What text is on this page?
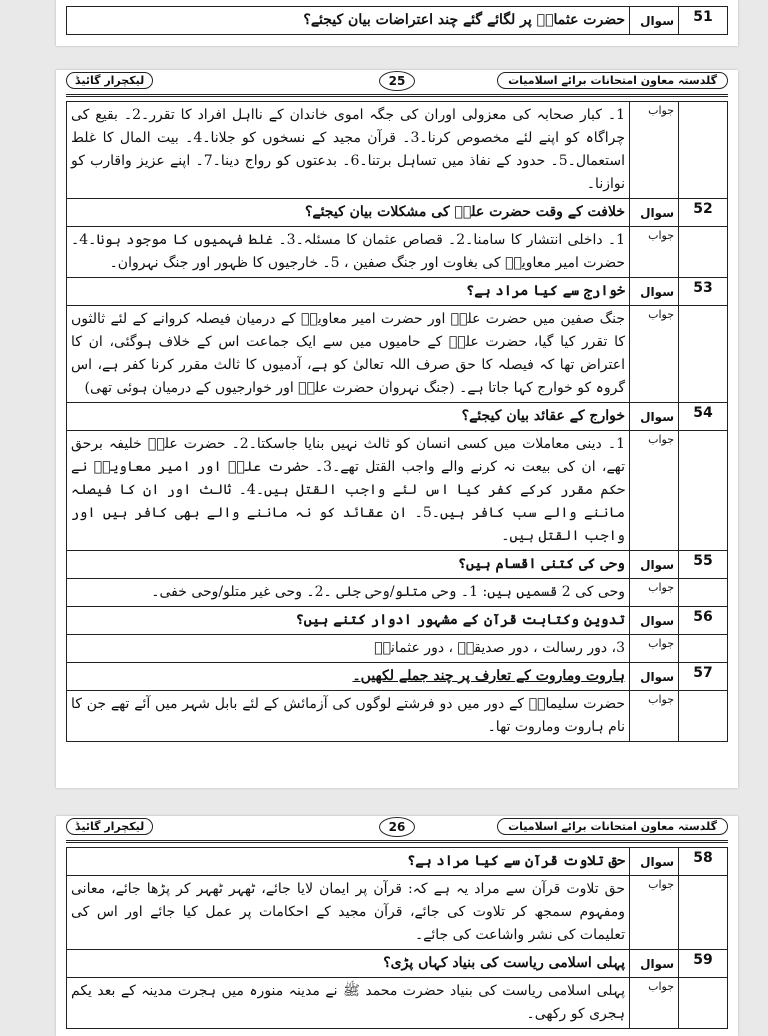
حضرت عثمانؓ پر لگائے گئے چند اعتراضات بیان کیجئے؟	سوال	51
گلدستہ معاون امتحانات برائے اسلامیات
25
لیکچرار گائیڈ
1۔ کبار صحابہ کی معزولی اوران کی جگہ اموی خاندان کے نااہل افراد کا تقرر۔2۔ بقیع کی چراگاہ کو اپنے لئے مخصوص کرنا۔3۔ قرآن مجید کے نسخوں کو جلانا۔4۔ بیت المال کا غلط استعمال۔5۔ حدود کے نفاذ میں تساہل برتنا۔6۔ بدعتوں کو رواج دینا۔7۔ اپنے عزیز واقارب کو نوازنا۔	جواب	
خلافت کے وقت حضرت علیؓ کی مشکلات بیان کیجئے؟	سوال	52
1۔ داخلی انتشار کا سامنا۔2۔ قصاص عثمان کا مسئلہ۔3۔ غلط فہمیوں کا موجود ہونا۔4۔ حضرت امیر معاویہؓ کی بغاوت اور جنگ صفین ، 5۔ خارجیوں کا ظہور اور جنگ نہروان۔	جواب	
خوارج سے کیا مراد ہے؟	سوال	53
جنگ صفین میں حضرت علیؓ اور حضرت امیر معاویہؓ کے درمیان فیصلہ کروانے کے لئے ثالثوں کا تقرر کیا گیا، حضرت علیؓ کے حامیوں میں سے ایک جماعت اس کے خلاف ہوگئی، ان کا اعتراض تھا کہ فیصلہ کا حق صرف اللہ تعالیٰ کو ہے، آدمیوں کا ثالث مقرر کرنا کفر ہے، اس گروہ کو خوارج کہا جاتا ہے۔ (جنگ نہروان حضرت علیؓ اور خوارجیوں کے درمیان ہوئی تھی)	جواب	
خوارج کے عقائد بیان کیجئے؟	سوال	54
1۔ دینی معاملات میں کسی انسان کو ثالث نہیں بنایا جاسکتا۔2۔ حضرت علیؓ خلیفہ برحق تھے، ان کی بیعت نہ کرنے والے واجب القتل تھے۔3۔ حضرت علیؓ اور امیر معاویہؓ نے حکم مقرر کرکے کفر کیا اس لئے واجب القتل ہیں۔4۔ ثالث اور ان کا فیصلہ ماننے والے سب کافر ہیں۔5۔ ان عقائد کو نہ ماننے والے بھی کافر ہیں اور واجب القتل ہیں۔	جواب	
وحی کی کتنی اقسام ہیں؟	سوال	55
وحی کی 2 قسمیں ہیں: 1۔ وحی متلو/وحی جلی ۔2۔ وحی غیر متلو/وحی خفی۔	جواب	
تدوین وکتابت قرآن کے مشہور ادوار کتنے ہیں؟	سوال	56
3، دور رسالت ، دور صدیقیؓ ، دور عثمانیؓ	جواب	
ہاروت وماروت کے تعارف پر چند جملے لکھیں۔	سوال	57
حضرت سلیمانؑ کے دور میں دو فرشتے لوگوں کی آزمائش کے لئے بابل شہر میں آئے تھے جن کا نام ہاروت وماروت تھا۔	جواب	
گلدستہ معاون امتحانات برائے اسلامیات
26
لیکچرار گائیڈ
حق تلاوت قرآن سے کیا مراد ہے؟	سوال	58
حق تلاوت قرآن سے مراد یہ ہے کہ: قرآن پر ایمان لایا جائے، ٹھہر ٹھہر کر پڑھا جائے، معانی ومفہوم سمجھ کر تلاوت کی جائے، قرآن مجید کے احکامات پر عمل کیا جائے اور اس کی تعلیمات کی نشر واشاعت کی جائے۔	جواب	
پہلی اسلامی ریاست کی بنیاد کہاں پڑی؟	سوال	59
پہلی اسلامی ریاست کی بنیاد حضرت محمد ﷺ نے مدینہ منورہ میں ہجرت مدینہ کے بعد یکم ہجری کو رکھی۔	جواب	
